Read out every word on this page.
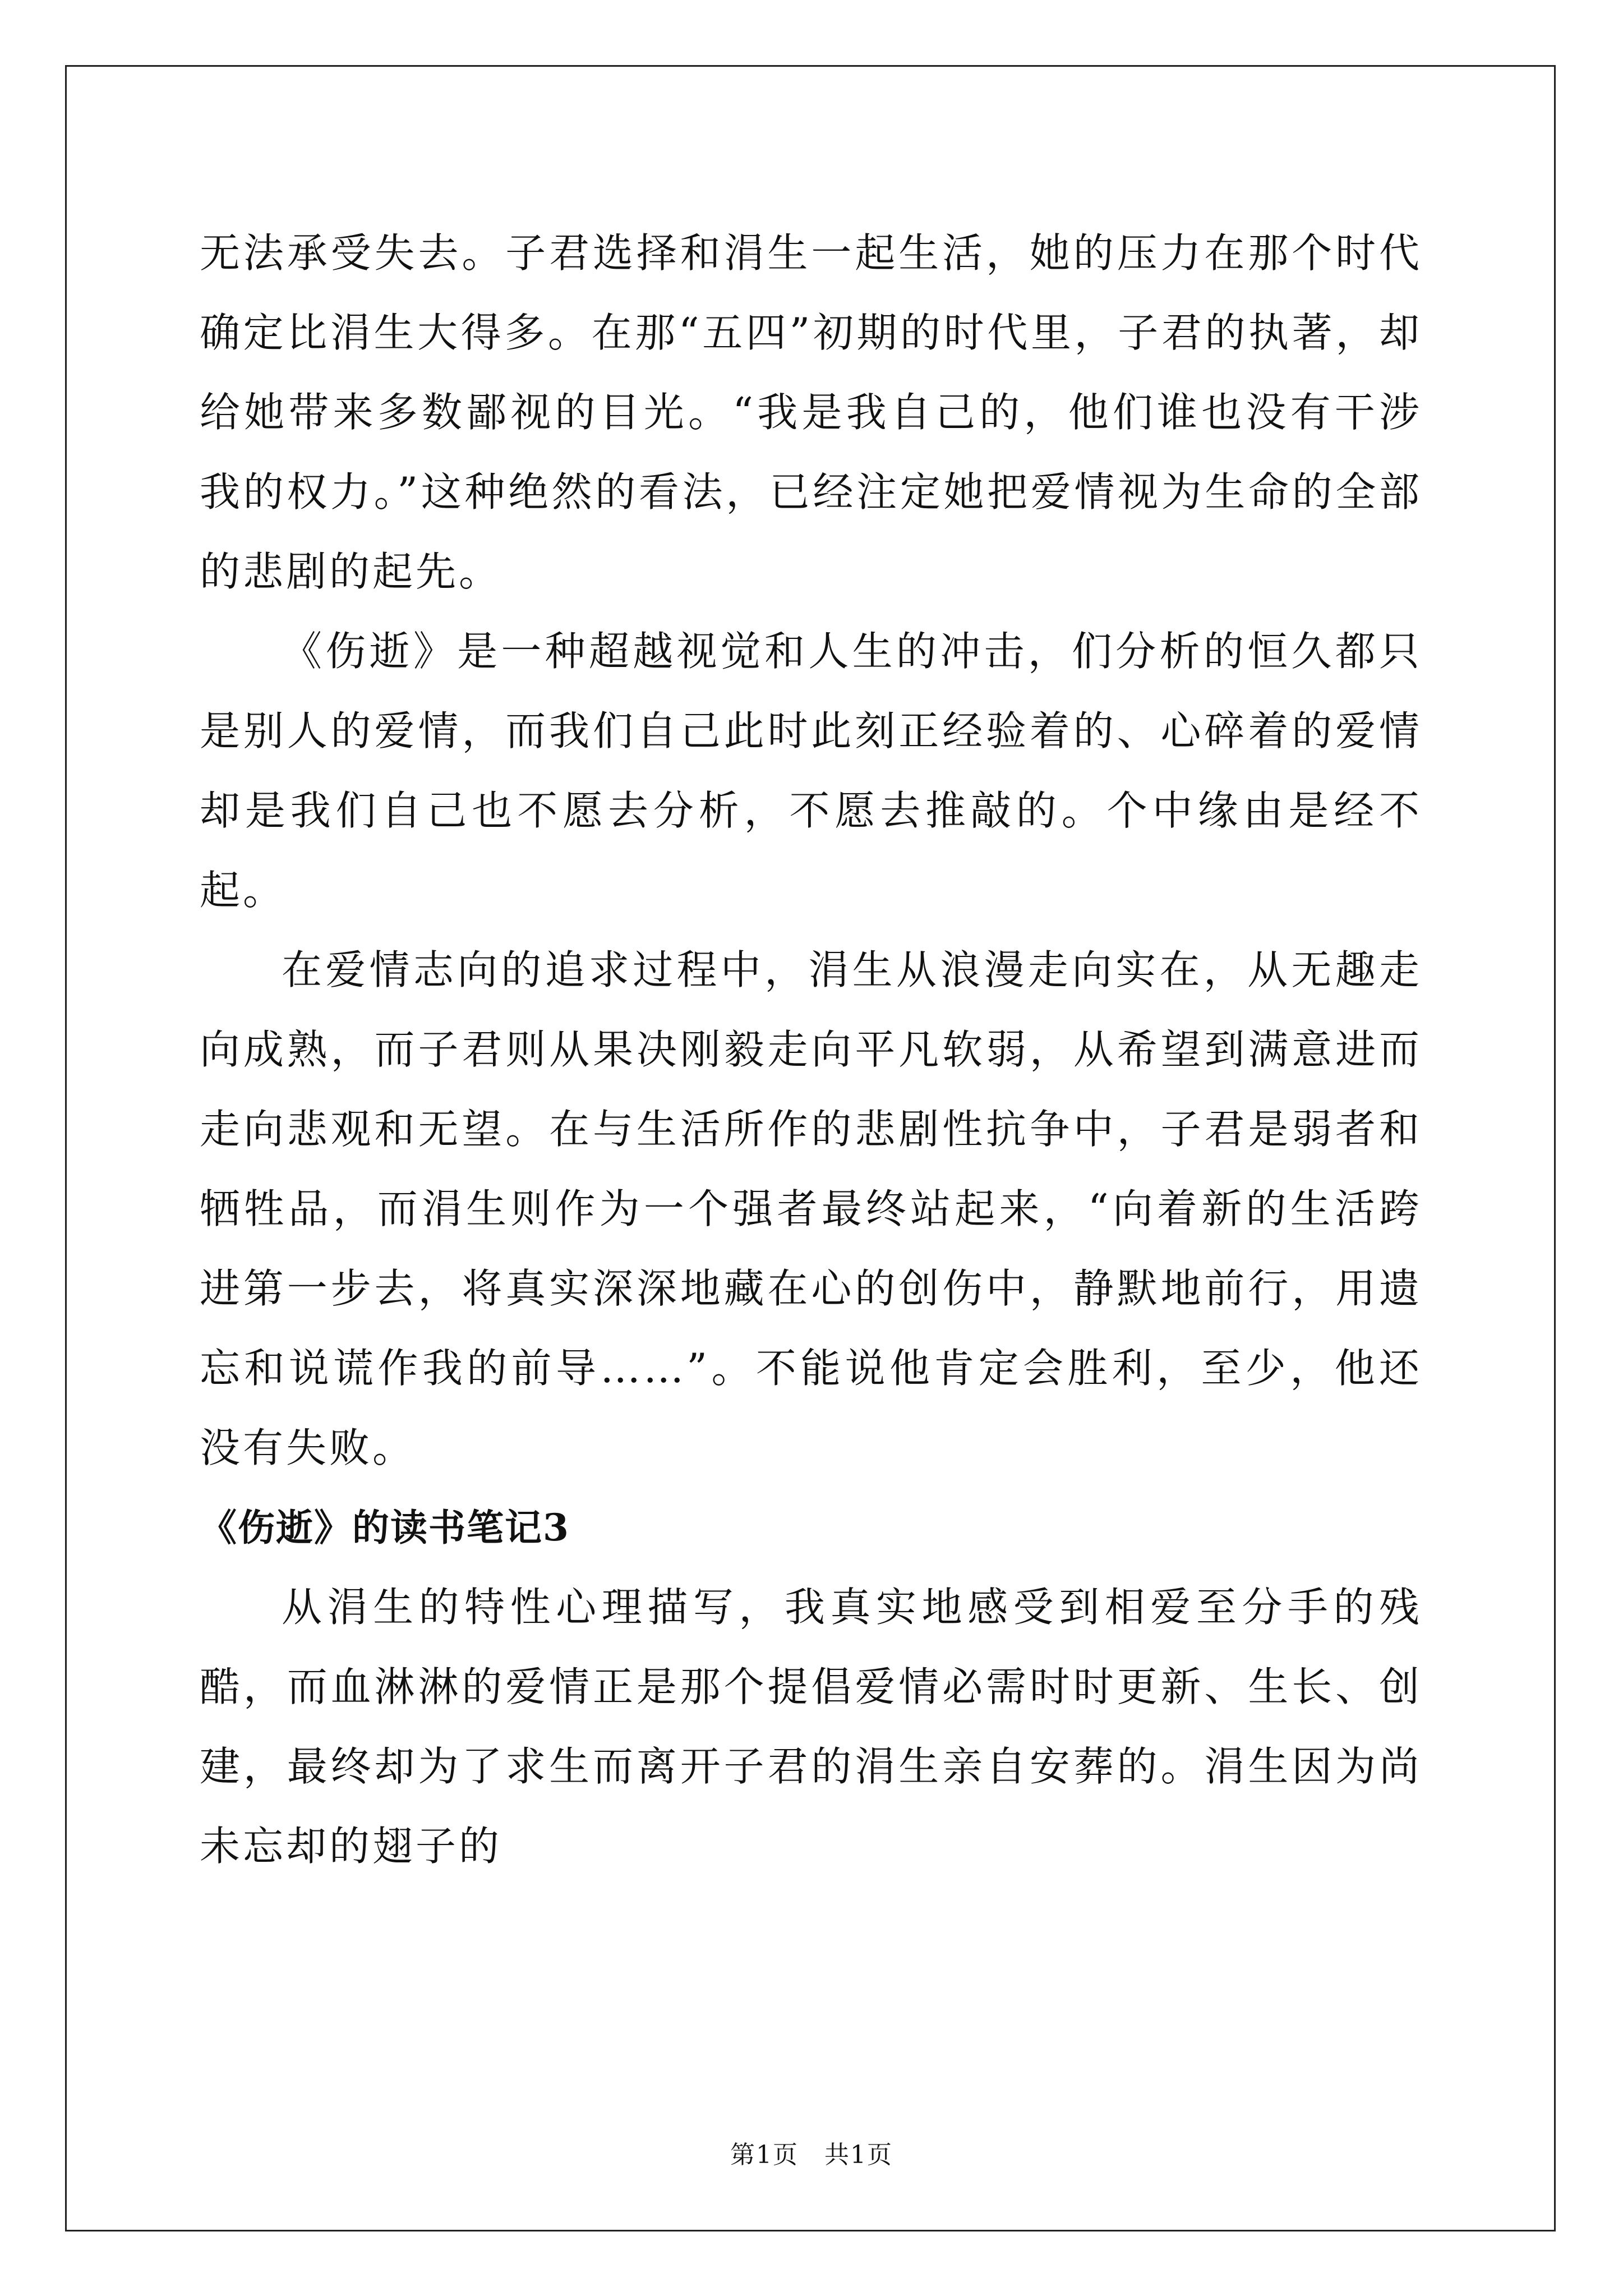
无法承受失去。子君选择和涓生一起生活，她的压力在那个时代确定比涓生大得多。在那“五四”初期的时代里，子君的执著，却给她带来多数鄙视的目光。“我是我自己的，他们谁也没有干涉我的权力。”这种绝然的看法，已经注定她把爱情视为生命的全部的悲剧的起先。

《伤逝》是一种超越视觉和人生的冲击，们分析的恒久都只是别人的爱情，而我们自己此时此刻正经验着的、心碎着的爱情却是我们自己也不愿去分析，不愿去推敲的。个中缘由是经不起。

在爱情志向的追求过程中，涓生从浪漫走向实在，从无趣走向成熟，而子君则从果决刚毅走向平凡软弱，从希望到满意进而走向悲观和无望。在与生活所作的悲剧性抗争中，子君是弱者和牺牲品，而涓生则作为一个强者最终站起来，“向着新的生活跨进第一步去，将真实深深地藏在心的创伤中，静默地前行，用遗忘和说谎作我的前导……”。不能说他肯定会胜利，至少，他还没有失败。

《伤逝》的读书笔记3

从涓生的特性心理描写，我真实地感受到相爱至分手的残酷，而血淋淋的爱情正是那个提倡爱情必需时时更新、生长、创建，最终却为了求生而离开子君的涓生亲自安葬的。涓生因为尚未忘却的翅子的

第1页 共1页
